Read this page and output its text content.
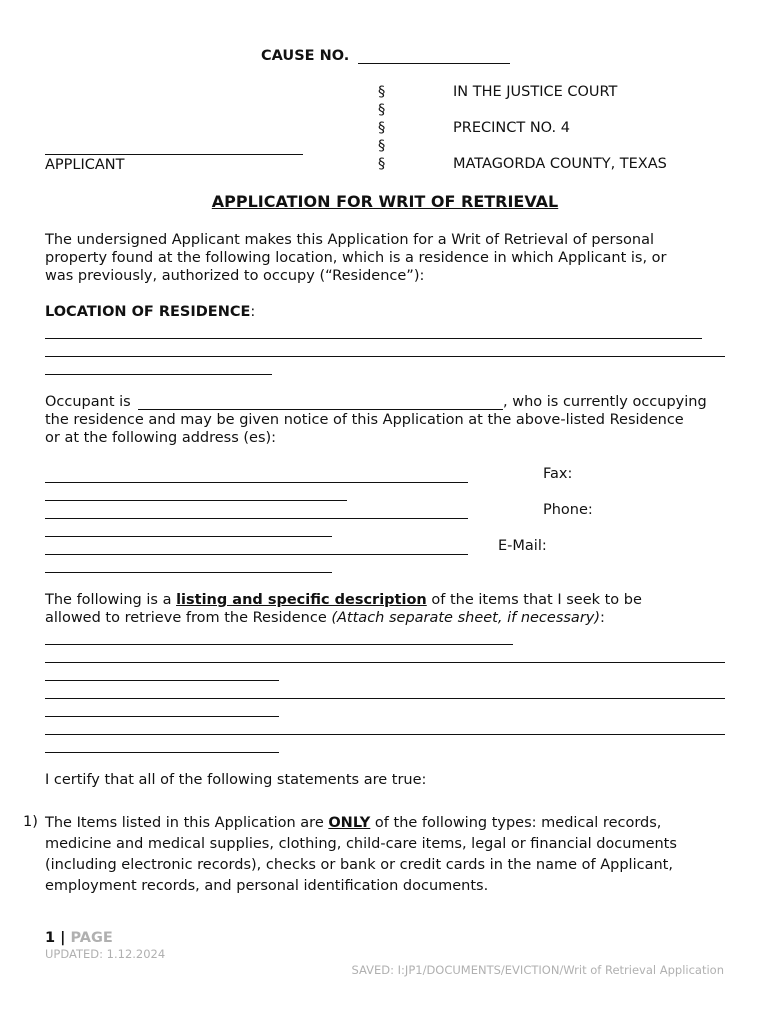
CAUSE NO.
§
§
§
§
§
IN THE JUSTICE COURT
PRECINCT NO. 4
MATAGORDA COUNTY, TEXAS
APPLICANT
APPLICATION FOR WRIT OF RETRIEVAL
The undersigned Applicant makes this Application for a Writ of Retrieval of personal
property found at the following location, which is a residence in which Applicant is, or
was previously, authorized to occupy (“Residence”):
LOCATION OF RESIDENCE:
Occupant is	, who is currently occupying
the residence and may be given notice of this Application at the above-listed Residence
or at the following address (es):
Fax:
Phone:
E-Mail:
The following is a listing and specific description of the items that I seek to be
allowed to retrieve from the Residence (Attach separate sheet, if necessary):
I certify that all of the following statements are true:
1) The Items listed in this Application are ONLY of the following types: medical records,
medicine and medical supplies, clothing, child-care items, legal or financial documents
(including electronic records), checks or bank or credit cards in the name of Applicant,
employment records, and personal identification documents.
1 | PAGE
UPDATED: 1.12.2024
SAVED: I:JP1/DOCUMENTS/EVICTION/Writ of Retrieval Application
